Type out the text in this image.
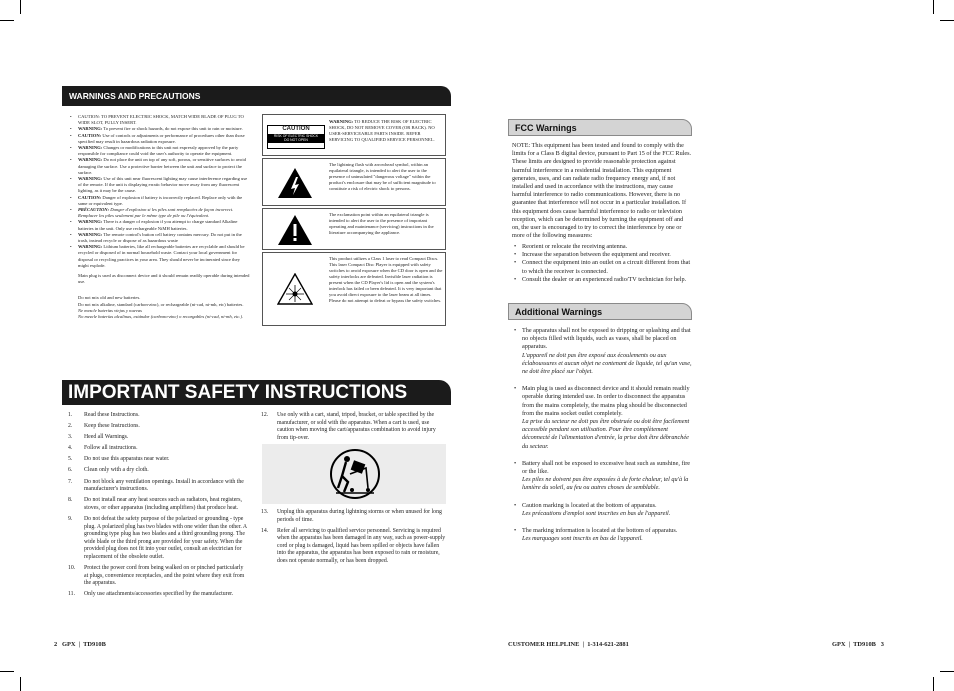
WARNINGS AND PRECAUTIONS
• CAUTION: TO PREVENT ELECTRIC SHOCK, MATCH WIDE BLADE OF PLUG TO WIDE SLOT, FULLY INSERT.
• WARNING: To prevent fire or shock hazards, do not expose this unit to rain or moisture.
• CAUTION: Use of controls or adjustments or performance of procedures other than those specified may result in hazardous radiation exposure.
• WARNING: Changes or modifications to this unit not expressly approved by the party responsible for compliance could void the user's authority to operate the equipment.
• WARNING: Do not place the unit on top of any soft, porous, or sensitive surfaces to avoid damaging the surface. Use a protective barrier between the unit and surface to protect the surface.
• WARNING: Use of this unit near fluorescent lighting may cause interference regarding use of the remote. If the unit is displaying erratic behavior move away from any fluorescent lighting, as it may be the cause.
• CAUTION: Danger of explosion if battery is incorrectly replaced. Replace only with the same or equivalent type.
• PRÉCAUTION: Danger d'explosion si les piles sont remplacées de façon incorrect. Remplacer les piles seulement par le même type de pile ou l'équivalent.
• WARNING: There is a danger of explosion if you attempt to charge standard Alkaline batteries in the unit. Only use rechargeable NiMH batteries.
• WARNING: The remote control's button cell battery contains mercury. Do not put in the trash, instead recycle or dispose of as hazardous waste
• WARNING: Lithium batteries, like all rechargeable batteries are recyclable and should be recycled or disposed of in normal household waste. Contact your local government for disposal or recycling practices in your area. They should never be incinerated since they might explode.
Main plug is used as disconnect device and it should remain readily operable during intended use.
Do not mix old and new batteries.
Do not mix alkaline, standard (carbon-zinc), or rechargeable (ni-cad, ni-mh, etc) batteries.
Ne mezcle baterías viejas y nuevas
No mezcle baterías alcalinas, estándar (carbono-zinc) o recargables (ni-cad, ni-mh, etc.).
CAUTION
RISK OF ELECTRIC SHOCK
DO NOT OPEN
WARNING: TO REDUCE THE RISK OF ELECTRIC SHOCK, DO NOT REMOVE COVER (OR BACK). NO USER-SERVICEABLE PARTS INSIDE. REFER SERVICING TO QUALIFIED SERVICE PERSONNEL.
The lightning flash with arrowhead symbol, within an equilateral triangle, is intended to alert the user to the presence of uninsulated "dangerous voltage" within the product's enclosure that may be of sufficient magnitude to constitute a risk of electric shock to persons.
The exclamation point within an equilateral triangle is intended to alert the user to the presence of important operating and maintenance (servicing) instructions in the literature accompanying the appliance.
This product utilizes a Class 1 laser to read Compact Discs. This laser Compact Disc Player is equipped with safety switches to avoid exposure when the CD door is open and the safety interlocks are defeated. Invisible laser radiation is present when the CD Player's lid is open and the system's interlock has failed or been defeated. It is very important that you avoid direct exposure to the laser beam at all times. Please do not attempt to defeat or bypass the safety switches.
IMPORTANT SAFETY INSTRUCTIONS
1. Read these Instructions.
2. Keep these Instructions.
3. Heed all Warnings.
4. Follow all instructions.
5. Do not use this apparatus near water.
6. Clean only with a dry cloth.
7. Do not block any ventilation openings. Install in accordance with the manufacturer's instructions.
8. Do not install near any heat sources such as radiators, heat registers, stoves, or other apparatus (including amplifiers) that produce heat.
9. Do not defeat the safety purpose of the polarized or grounding - type plug. A polarized plug has two blades with one wider than the other. A grounding type plug has two blades and a third grounding prong. The wide blade or the third prong are provided for your safety. When the provided plug does not fit into your outlet, consult an electrician for replacement of the obsolete outlet.
10. Protect the power cord from being walked on or pinched particularly at plugs, convenience receptacles, and the point where they exit from the apparatus.
11. Only use attachments/accessories specified by the manufacturer.
12. Use only with a cart, stand, tripod, bracket, or table specified by the manufacturer, or sold with the apparatus. When a cart is used, use caution when moving the cart/apparatus combination to avoid injury from tip-over.
13. Unplug this apparatus during lightning storms or when unused for long periods of time.
14. Refer all servicing to qualified service personnel. Servicing is required when the apparatus has been damaged in any way, such as power-supply cord or plug is damaged, liquid has been spilled or objects have fallen into the apparatus, the apparatus has been exposed to rain or moisture, does not operate normally, or has been dropped.
FCC Warnings
NOTE: This equipment has been tested and found to comply with the limits for a Class B digital device, pursuant to Part 15 of the FCC Rules. These limits are designed to provide reasonable protection against harmful interference in a residential installation. This equipment generates, uses, and can radiate radio frequency energy and, if not installed and used in accordance with the instructions, may cause harmful interference to radio communications. However, there is no guarantee that interference will not occur in a particular installation. If this equipment does cause harmful interference to radio or television reception, which can be determined by turning the equipment off and on, the user is encouraged to try to correct the interference by one or more of the following measures:
• Reorient or relocate the receiving antenna.
• Increase the separation between the equipment and receiver.
• Connect the equipment into an outlet on a circuit different from that to which the receiver is connected.
• Consult the dealer or an experienced radio/TV technician for help.
Additional Warnings
• The apparatus shall not be exposed to dripping or splashing and that no objects filled with liquids, such as vases, shall be placed on apparatus.
L'appareil ne doit pas être exposé aux écoulements ou aux éclaboussures et aucun objet ne contenant de liquide, tel qu'un vase, ne doit être placé sur l'objet.
• Main plug is used as disconnect device and it should remain readily operable during intended use. In order to disconnect the apparatus from the mains completely, the mains plug should be disconnected from the mains socket outlet completely.
La prise du secteur ne doit pas être obstruée ou doit être facilement accessible pendant son utilisation. Pour être complètement déconnecté de l'alimentation d'entrée, la prise doit être débranchée du secteur.
• Battery shall not be exposed to excessive heat such as sunshine, fire or the like.
Les piles ne doivent pas être exposées à de forte chaleur, tel qu'à la lumière du soleil, au feu ou autres choses de semblable.
• Caution marking is located at the bottom of apparatus.
Les précautions d'emploi sont inscrites en bas de l'appareil.
• The marking information is located at the bottom of apparatus.
Les marquages sont inscrits en bas de l'appareil.
2   GPX  |  TD910B	CUSTOMER HELPLINE  |  1-314-621-2881	GPX  |  TD910B   3
